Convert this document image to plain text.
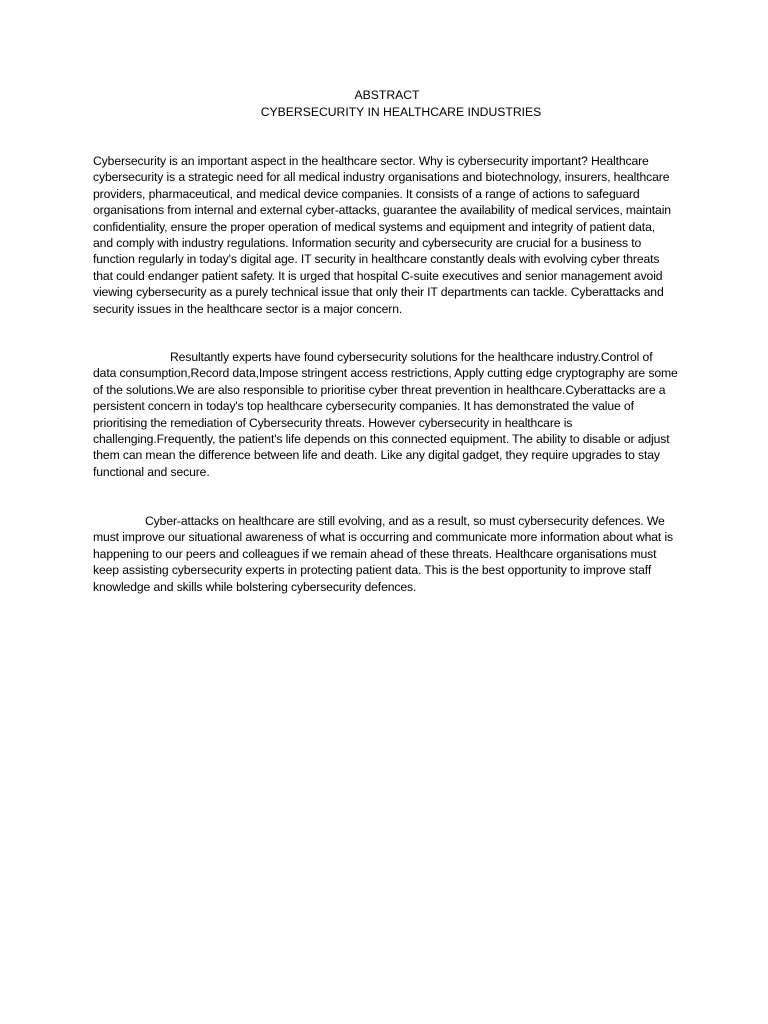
ABSTRACT
CYBERSECURITY IN HEALTHCARE INDUSTRIES

Cybersecurity is an important aspect in the healthcare sector. Why is cybersecurity important? Healthcare cybersecurity is a strategic need for all medical industry organisations and biotechnology, insurers, healthcare providers, pharmaceutical, and medical device companies. It consists of a range of actions to safeguard organisations from internal and external cyber-attacks, guarantee the availability of medical services, maintain confidentiality, ensure the proper operation of medical systems and equipment and integrity of patient data, and comply with industry regulations. Information security and cybersecurity are crucial for a business to function regularly in today's digital age. IT security in healthcare constantly deals with evolving cyber threats that could endanger patient safety. It is urged that hospital C-suite executives and senior management avoid viewing cybersecurity as a purely technical issue that only their IT departments can tackle. Cyberattacks and security issues in the healthcare sector is a major concern.

Resultantly experts have found cybersecurity solutions for the healthcare industry.Control of data consumption,Record data,Impose stringent access restrictions, Apply cutting edge cryptography are some of the solutions.We are also responsible to prioritise cyber threat prevention in healthcare.Cyberattacks are a persistent concern in today's top healthcare cybersecurity companies. It has demonstrated the value of prioritising the remediation of Cybersecurity threats. However cybersecurity in healthcare is challenging.Frequently, the patient's life depends on this connected equipment. The ability to disable or adjust them can mean the difference between life and death. Like any digital gadget, they require upgrades to stay functional and secure.

Cyber-attacks on healthcare are still evolving, and as a result, so must cybersecurity defences. We must improve our situational awareness of what is occurring and communicate more information about what is happening to our peers and colleagues if we remain ahead of these threats. Healthcare organisations must keep assisting cybersecurity experts in protecting patient data. This is the best opportunity to improve staff knowledge and skills while bolstering cybersecurity defences.
